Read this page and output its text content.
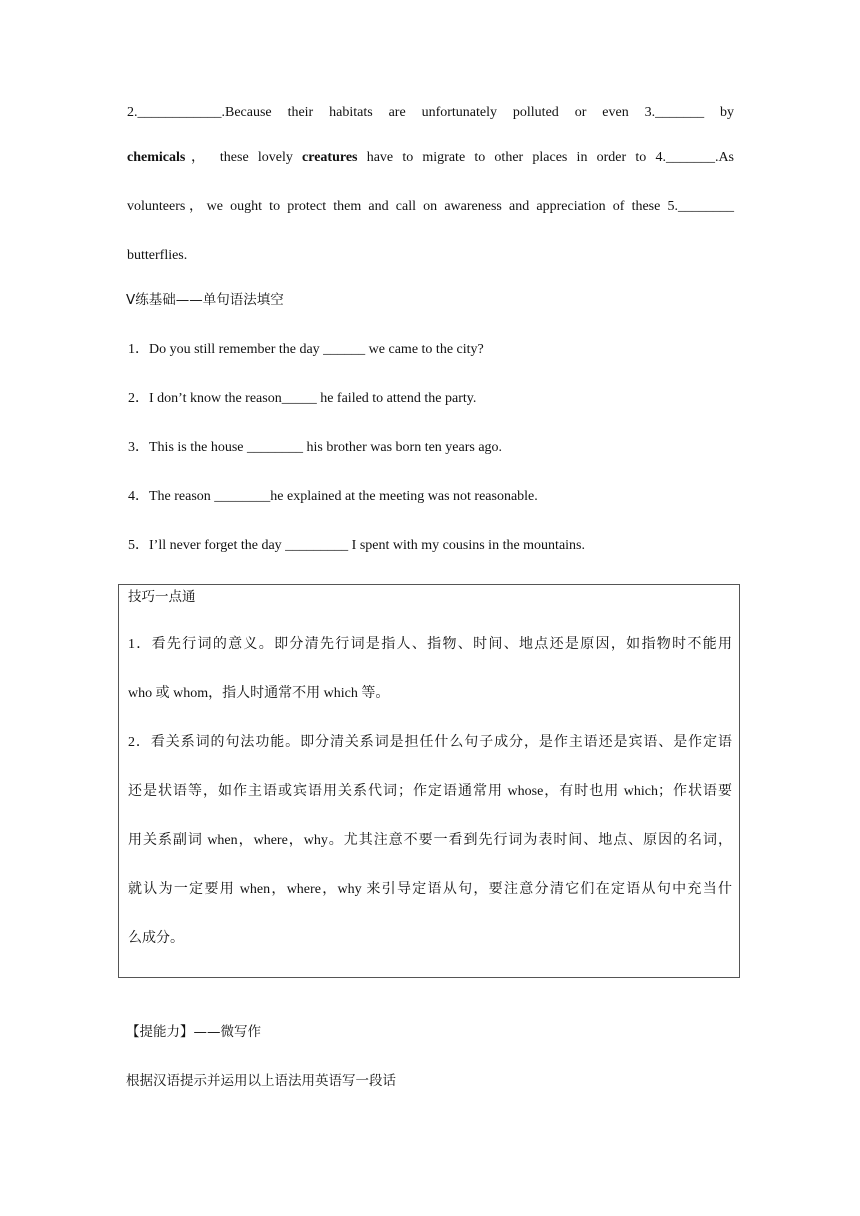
2.____________.Because their habitats are unfortunately polluted or even 3._______ by
chemicals， these lovely creatures have to migrate to other places in order to 4._______.As
volunteers，we ought to protect them and call on awareness and appreciation of these 5.________
butterflies.
Ⅴ练基础——单句语法填空
1．Do you still remember the day ______ we came to the city?
2．I don’t know the reason_____ he failed to attend the party.
3．This is the house ________ his brother was born ten years ago.
4．The reason ________he explained at the meeting was not reasonable.
5．I’ll never forget the day _________ I spent with my cousins in the mountains.
技巧一点通
1．看先行词的意义。即分清先行词是指人、指物、时间、地点还是原因，如指物时不能用
who 或 whom，指人时通常不用 which 等。
2．看关系词的句法功能。即分清关系词是担任什么句子成分，是作主语还是宾语、是作定语
还是状语等，如作主语或宾语用关系代词；作定语通常用 whose，有时也用 which；作状语要
用关系副词 when，where，why。尤其注意不要一看到先行词为表时间、地点、原因的名词，
就认为一定要用 when，where，why 来引导定语从句，要注意分清它们在定语从句中充当什
么成分。
【提能力】——微写作
根据汉语提示并运用以上语法用英语写一段话
